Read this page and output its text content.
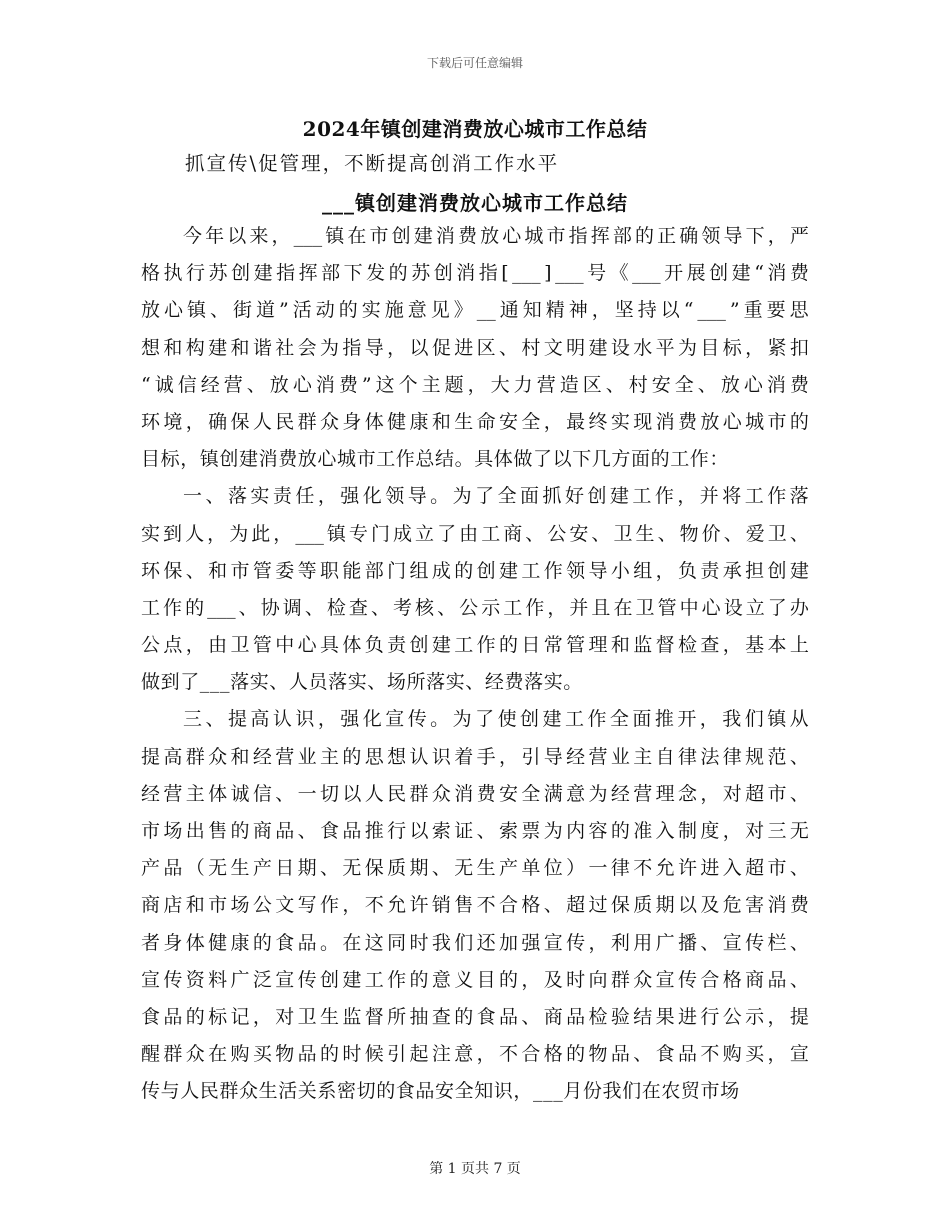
下载后可任意编辑
2024年镇创建消费放心城市工作总结
抓宣传\促管理，不断提高创消工作水平
___镇创建消费放心城市工作总结
今 年 以 来 ， ___ 镇 在 市 创 建 消 费 放 心 城 市 指 挥 部 的 正 确 领 导 下 ， 严
格 执 行 苏 创 建 指 挥 部 下 发 的 苏 创 消 指 [ ___ ] ___ 号 《 ___ 开 展 创 建 “ 消 费
放 心 镇 、 街 道 ” 活 动 的 实 施 意 见 》 __ 通 知 精 神 ， 坚 持 以 “ ___ ” 重 要 思
想 和 构 建 和 谐 社 会 为 指 导 ， 以 促 进 区 、 村 文 明 建 设 水 平 为 目 标 ， 紧 扣
“ 诚 信 经 营 、 放 心 消 费 ” 这 个 主 题 ， 大 力 营 造 区 、 村 安 全 、 放 心 消 费
环 境 ， 确 保 人 民 群 众 身 体 健 康 和 生 命 安 全 ， 最 终 实 现 消 费 放 心 城 市 的
目标，镇创建消费放心城市工作总结。具体做了以下几方面的工作：
一 、 落 实 责 任 ， 强 化 领 导 。 为 了 全 面 抓 好 创 建 工 作 ， 并 将 工 作 落
实 到 人 ， 为 此 ， ___ 镇 专 门 成 立 了 由 工 商 、 公 安 、 卫 生 、 物 价 、 爱 卫 、
环 保 、 和 市 管 委 等 职 能 部 门 组 成 的 创 建 工 作 领 导 小 组 ， 负 责 承 担 创 建
工 作 的 ___ 、 协 调 、 检 查 、 考 核 、 公 示 工 作 ， 并 且 在 卫 管 中 心 设 立 了 办
公 点 ， 由 卫 管 中 心 具 体 负 责 创 建 工 作 的 日 常 管 理 和 监 督 检 查 ， 基 本 上
做到了___落实、人员落实、场所落实、经费落实。
三 、 提 高 认 识 ， 强 化 宣 传 。 为 了 使 创 建 工 作 全 面 推 开 ， 我 们 镇 从
提 高 群 众 和 经 营 业 主 的 思 想 认 识 着 手 ， 引 导 经 营 业 主 自 律 法 律 规 范 、
经 营 主 体 诚 信 、 一 切 以 人 民 群 众 消 费 安 全 满 意 为 经 营 理 念 ， 对 超 市 、
市 场 出 售 的 商 品 、 食 品 推 行 以 索 证 、 索 票 为 内 容 的 准 入 制 度 ， 对 三 无
产 品 （ 无 生 产 日 期 、 无 保 质 期 、 无 生 产 单 位 ） 一 律 不 允 许 进 入 超 市 、
商 店 和 市 场 公 文 写 作 ， 不 允 许 销 售 不 合 格 、 超 过 保 质 期 以 及 危 害 消 费
者 身 体 健 康 的 食 品 。 在 这 同 时 我 们 还 加 强 宣 传 ， 利 用 广 播 、 宣 传 栏 、
宣 传 资 料 广 泛 宣 传 创 建 工 作 的 意 义 目 的 ， 及 时 向 群 众 宣 传 合 格 商 品 、
食 品 的 标 记 ， 对 卫 生 监 督 所 抽 查 的 食 品 、 商 品 检 验 结 果 进 行 公 示 ， 提
醒 群 众 在 购 买 物 品 的 时 候 引 起 注 意 ， 不 合 格 的 物 品 、 食 品 不 购 买 ， 宣
传与人民群众生活关系密切的食品安全知识，___月份我们在农贸市场
第 1 页共 7 页
